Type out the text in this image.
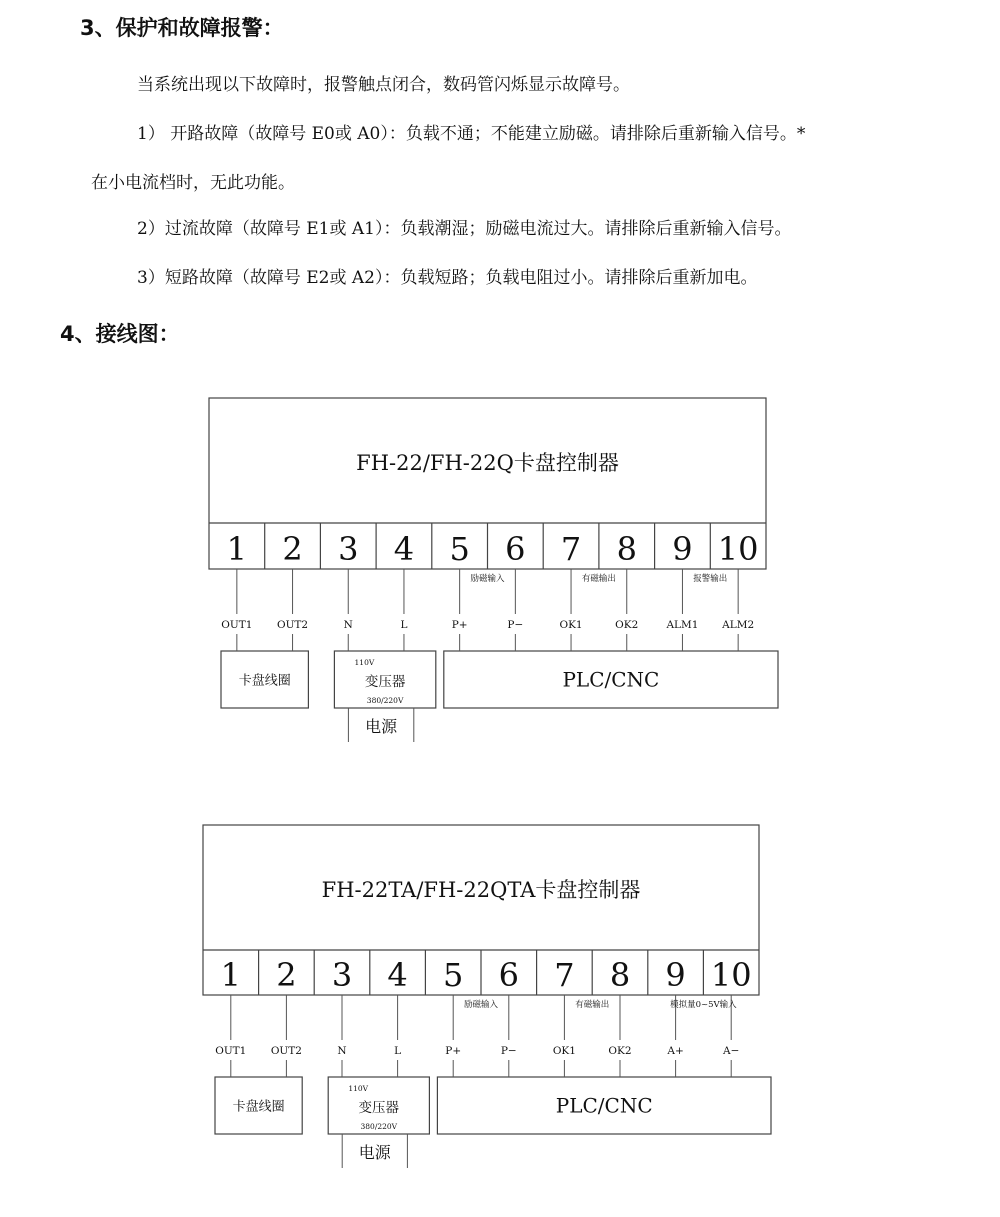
3、保护和故障报警：

当系统出现以下故障时，报警触点闭合，数码管闪烁显示故障号。

1） 开路故障（故障号 E0或 A0）：负载不通；不能建立励磁。请排除后重新输入信号。*

在小电流档时，无此功能。

2）过流故障（故障号 E1或 A1）：负载潮湿；励磁电流过大。请排除后重新输入信号。

3）短路故障（故障号 E2或 A2）：负载短路；负载电阻过小。请排除后重新加电。

4、接线图：
FH-22/FH-22Q卡盘控制器
1 2 3 4 5 6 7 8 9 10
OUT1 OUT2	N	L	P+	P−	OK1	OK2	ALM1 ALM2
励磁输入	有磁输出	报警输出
卡盘线圈
110V
变压器
380/220V
电源
PLC/CNC
FH-22TA/FH-22QTA卡盘控制器
1 2 3 4 5 6 7 8 9 10
OUT1 OUT2	N	L	P+	P−	OK1	OK2	A+	A−
励磁输入	有磁输出	模拟量0~5V输入
卡盘线圈
110V
变压器
380/220V
电源
PLC/CNC
